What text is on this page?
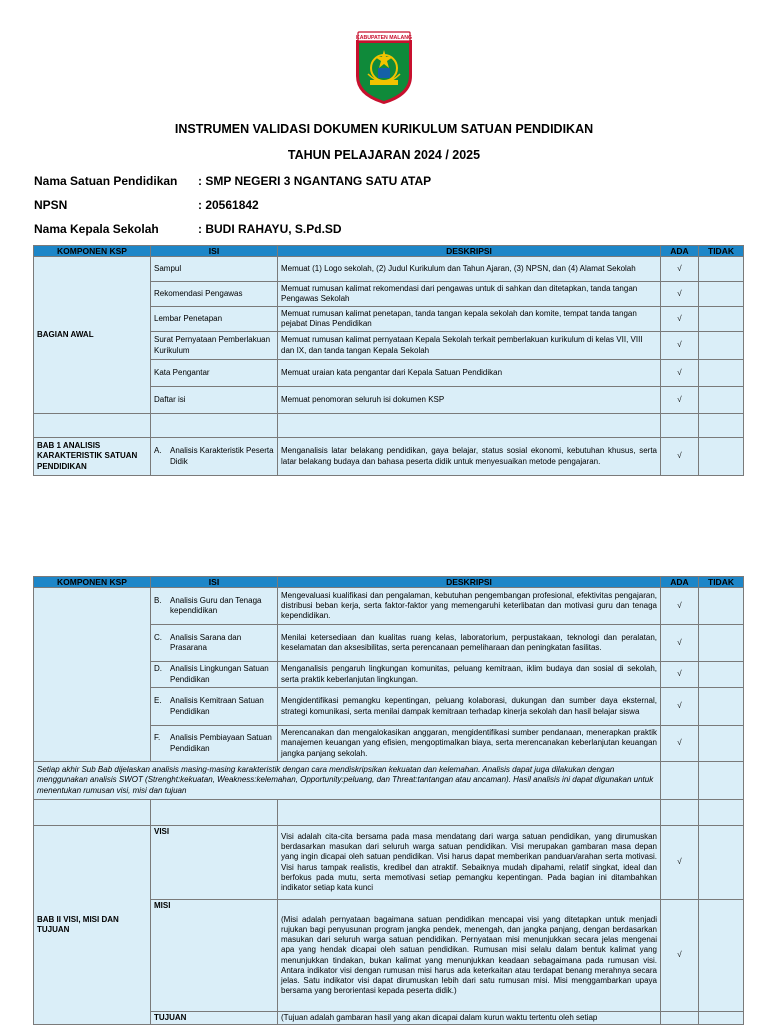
KABUPATEN MALANG
INSTRUMEN VALIDASI DOKUMEN KURIKULUM SATUAN PENDIDIKAN
TAHUN PELAJARAN 2024 / 2025
Nama Satuan Pendidikan : SMP NEGERI 3 NGANTANG SATU ATAP
NPSN	: 20561842
Nama Kepala Sekolah	: BUDI RAHAYU, S.Pd.SD
KOMPONEN KSP	ISI	DESKRIPSI	ADA	TIDAK
BAGIAN AWAL	Sampul	Memuat (1) Logo sekolah, (2) Judul Kurikulum dan Tahun Ajaran, (3) NPSN, dan (4) Alamat Sekolah	√	
	Rekomendasi Pengawas	Memuat rumusan kalimat rekomendasi dari pengawas untuk di sahkan dan ditetapkan, tanda tangan Pengawas Sekolah	√	
	Lembar Penetapan	Memuat rumusan kalimat penetapan, tanda tangan kepala sekolah dan komite, tempat tanda tangan pejabat Dinas Pendidikan	√	
	Surat Pernyataan Pemberlakuan Kurikulum	Memuat rumusan kalimat pernyataan Kepala Sekolah terkait pemberlakuan kurikulum di kelas VII, VIII dan IX, dan tanda tangan Kepala Sekolah	√	
	Kata Pengantar	Memuat uraian kata pengantar dari Kepala Satuan Pendidikan	√	
	Daftar isi	Memuat penomoran seluruh isi dokumen KSP	√	

BAB 1 ANALISIS KARAKTERISTIK SATUAN PENDIDIKAN	A. Analisis Karakteristik Peserta Didik	Menganalisis latar belakang pendidikan, gaya belajar, status sosial ekonomi, kebutuhan khusus, serta latar belakang budaya dan bahasa peserta didik untuk menyesuaikan metode pengajaran.	√	
KOMPONEN KSP	ISI	DESKRIPSI	ADA	TIDAK

	B. Analisis Guru dan Tenaga kependidikan	Mengevaluasi kualifikasi dan pengalaman, kebutuhan pengembangan profesional, efektivitas pengajaran, distribusi beban kerja, serta faktor-faktor yang memengaruhi keterlibatan dan motivasi guru dan tenaga kependidikan.	√	

	C. Analisis Sarana dan Prasarana	Menilai ketersediaan dan kualitas ruang kelas, laboratorium, perpustakaan, teknologi dan peralatan, keselamatan dan aksesibilitas, serta perencanaan pemeliharaan dan peningkatan fasilitas.	√	

	D. Analisis Lingkungan Satuan Pendidikan	Menganalisis pengaruh lingkungan komunitas, peluang kemitraan, iklim budaya dan sosial di sekolah, serta praktik keberlanjutan lingkungan.	√	

	E. Analisis Kemitraan Satuan Pendidikan	Mengidentifikasi pemangku kepentingan, peluang kolaborasi, dukungan dan sumber daya eksternal, strategi komunikasi, serta menilai dampak kemitraan terhadap kinerja sekolah dan hasil belajar siswa	√	

	F. Analisis Pembiayaan Satuan Pendidikan	Merencanakan dan mengalokasikan anggaran, mengidentifikasi sumber pendanaan, menerapkan praktik manajemen keuangan yang efisien, mengoptimalkan biaya, serta merencanakan keberlanjutan keuangan jangka panjang sekolah.	√	
Setiap akhir Sub Bab dijelaskan analisis masing-masing karakteristik dengan cara mendiskripsikan kekuatan dan kelemahan. Analisis dapat juga dilakukan dengan menggunakan analisis SWOT (Strenght:kekuatan, Weakness:kelemahan, Opportunity:peluang, dan Threat:tantangan atau ancaman). Hasil analisis ini dapat digunakan untuk menentukan rumusan visi, misi dan tujuan				

BAB II VISI, MISI DAN TUJUAN	VISI	Visi adalah cita-cita bersama pada masa mendatang dari warga satuan pendidikan, yang dirumuskan berdasarkan masukan dari seluruh warga satuan pendidikan. Visi merupakan gambaran masa depan yang ingin dicapai oleh satuan pendidikan. Visi harus dapat memberikan panduan/arahan serta motivasi. Visi harus tampak realistis, kredibel dan atraktif. Sebaiknya mudah dipahami, relatif singkat, ideal dan berfokus pada mutu, serta memotivasi setiap pemangku kepentingan. Pada bagian ini ditambahkan indikator setiap kata kunci	√	
	MISI	(Misi adalah pernyataan bagaimana satuan pendidikan mencapai visi yang ditetapkan untuk menjadi rujukan bagi penyusunan program jangka pendek, menengah, dan jangka panjang, dengan berdasarkan masukan dari seluruh warga satuan pendidikan. Pernyataan misi menunjukkan secara jelas mengenai apa yang hendak dicapai oleh satuan pendidikan. Rumusan misi selalu dalam bentuk kalimat yang menunjukkan tindakan, bukan kalimat yang menunjukkan keadaan sebagaimana pada rumusan visi. Antara indikator visi dengan rumusan misi harus ada keterkaitan atau terdapat benang merahnya secara jelas. Satu indikator visi dapat dirumuskan lebih dari satu rumusan misi. Misi menggambarkan upaya bersama yang berorientasi kepada peserta didik.)	√	
	TUJUAN	(Tujuan adalah gambaran hasil yang akan dicapai dalam kurun waktu tertentu oleh setiap		
